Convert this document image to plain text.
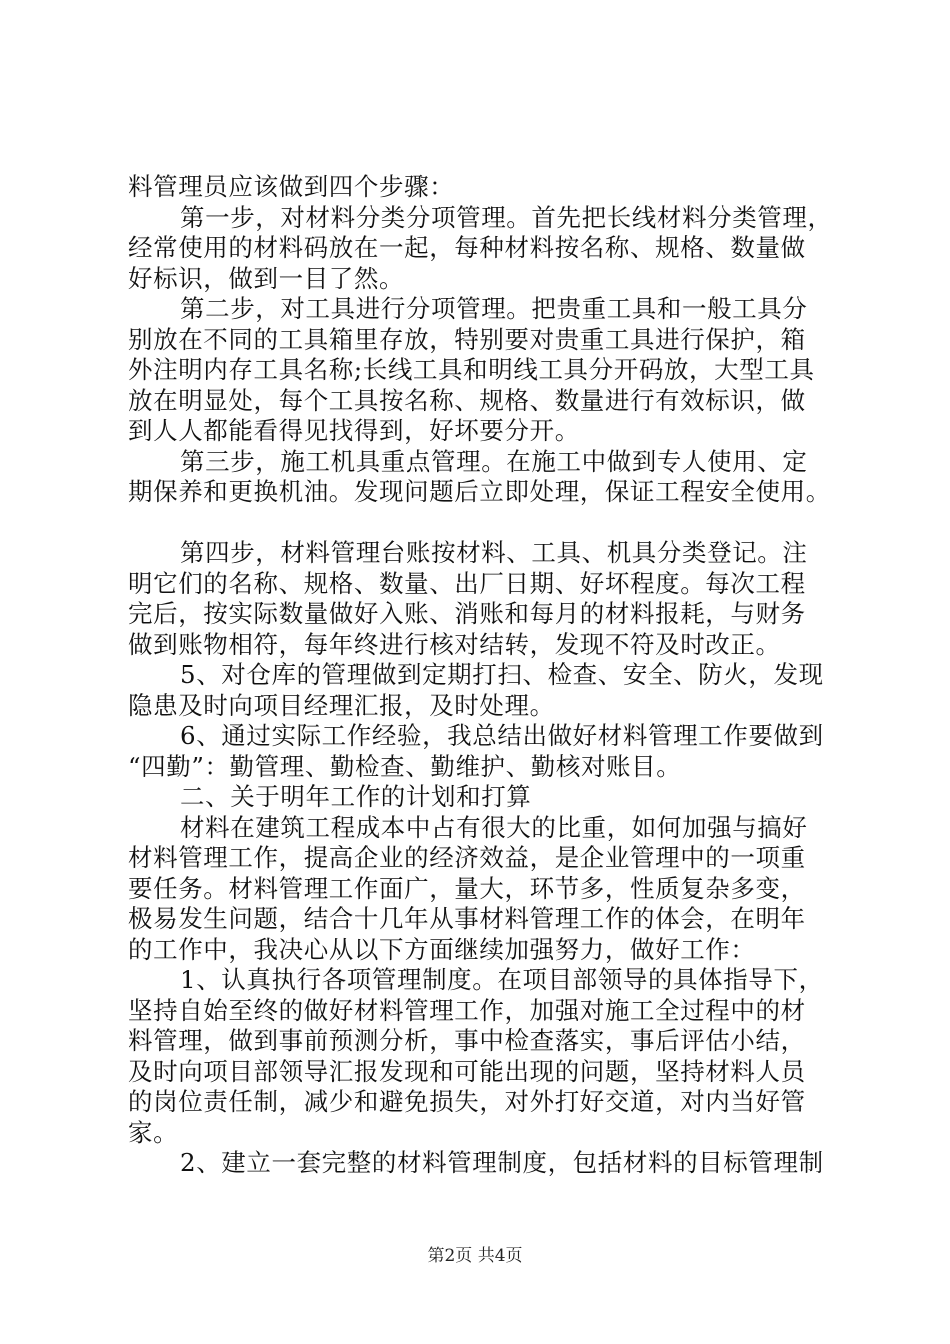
料管理员应该做到四个步骤：
第一步，对材料分类分项管理。首先把长线材料分类管理，
经常使用的材料码放在一起，每种材料按名称、规格、数量做
好标识，做到一目了然。
第二步，对工具进行分项管理。把贵重工具和一般工具分
别放在不同的工具箱里存放，特别要对贵重工具进行保护，箱
外注明内存工具名称;长线工具和明线工具分开码放，大型工具
放在明显处，每个工具按名称、规格、数量进行有效标识，做
到人人都能看得见找得到，好坏要分开。
第三步，施工机具重点管理。在施工中做到专人使用、定
期保养和更换机油。发现问题后立即处理，保证工程安全使用。
第四步，材料管理台账按材料、工具、机具分类登记。注
明它们的名称、规格、数量、出厂日期、好坏程度。每次工程
完后，按实际数量做好入账、消账和每月的材料报耗，与财务
做到账物相符，每年终进行核对结转，发现不符及时改正。
5、对仓库的管理做到定期打扫、检查、安全、防火，发现
隐患及时向项目经理汇报，及时处理。
6、通过实际工作经验，我总结出做好材料管理工作要做到
“四勤”：勤管理、勤检查、勤维护、勤核对账目。
二、关于明年工作的计划和打算
材料在建筑工程成本中占有很大的比重，如何加强与搞好
材料管理工作，提高企业的经济效益，是企业管理中的一项重
要任务。材料管理工作面广，量大，环节多，性质复杂多变，
极易发生问题，结合十几年从事材料管理工作的体会，在明年
的工作中，我决心从以下方面继续加强努力，做好工作：
1、认真执行各项管理制度。在项目部领导的具体指导下，
坚持自始至终的做好材料管理工作，加强对施工全过程中的材
料管理，做到事前预测分析，事中检查落实，事后评估小结，
及时向项目部领导汇报发现和可能出现的问题，坚持材料人员
的岗位责任制，减少和避免损失，对外打好交道，对内当好管
家。
2、建立一套完整的材料管理制度，包括材料的目标管理制
第2页 共4页
